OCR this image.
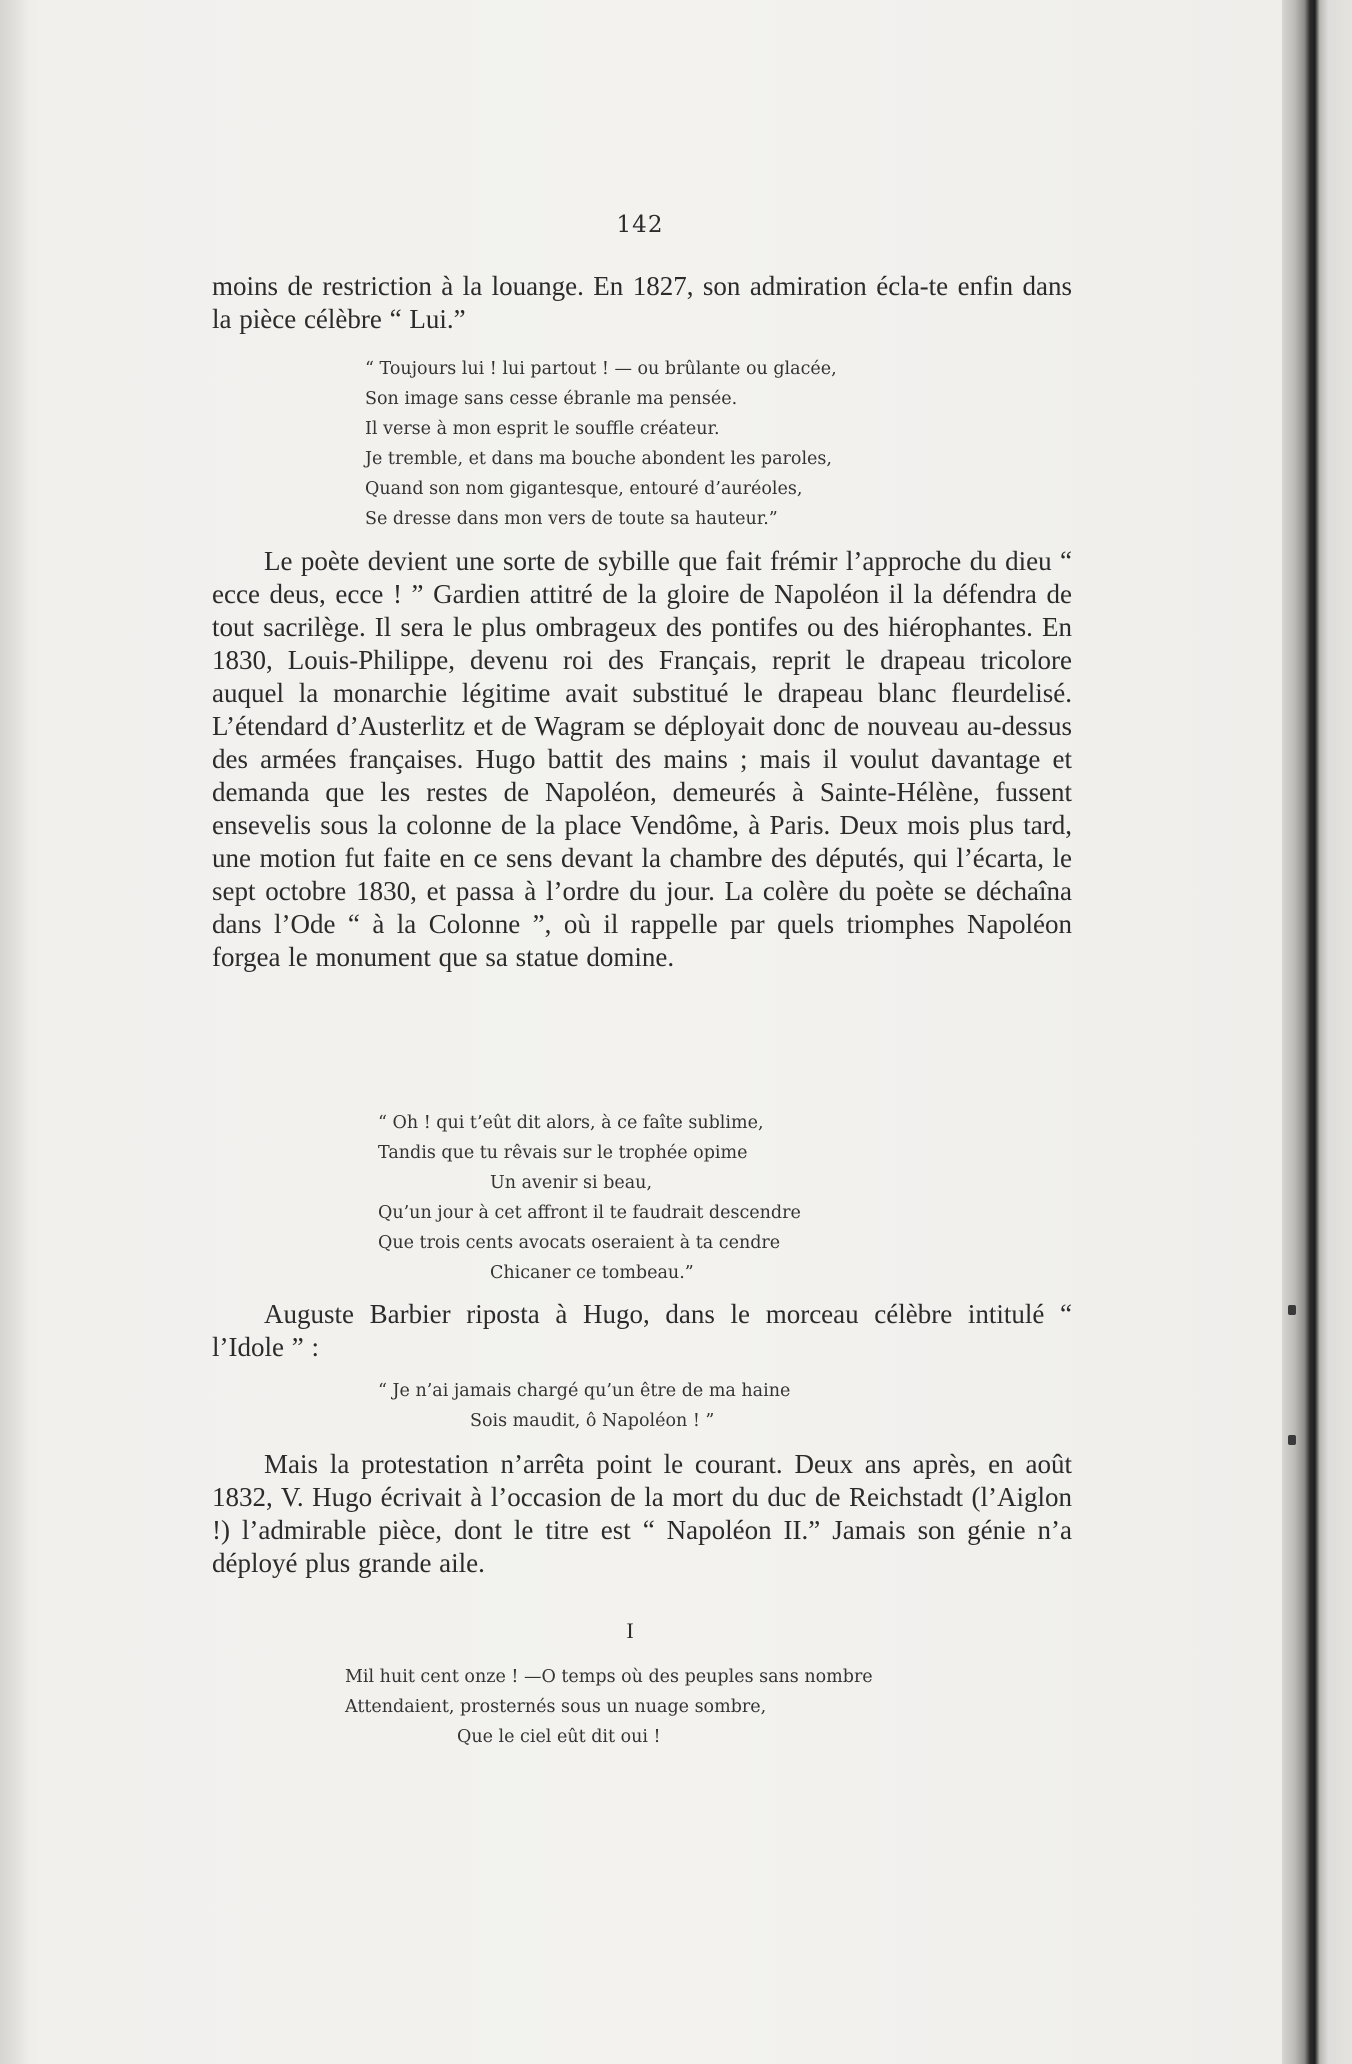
142

moins de restriction à la louange. En 1827, son admiration écla-te enfin dans la pièce célèbre “ Lui.”

“ Toujours lui ! lui partout ! — ou brûlante ou glacée,
Son image sans cesse ébranle ma pensée.
Il verse à mon esprit le souffle créateur.
Je tremble, et dans ma bouche abondent les paroles,
Quand son nom gigantesque, entouré d’auréoles,
Se dresse dans mon vers de toute sa hauteur.”

Le poète devient une sorte de sybille que fait frémir l’approche du dieu “ ecce deus, ecce ! ” Gardien attitré de la gloire de Napoléon il la défendra de tout sacrilège. Il sera le plus ombrageux des pontifes ou des hiérophantes. En 1830, Louis-Philippe, devenu roi des Français, reprit le drapeau tricolore auquel la monarchie légitime avait substitué le drapeau blanc fleurdelisé. L’étendard d’Austerlitz et de Wagram se déployait donc de nouveau au-dessus des armées françaises. Hugo battit des mains ; mais il voulut davantage et demanda que les restes de Napoléon, demeurés à Sainte-Hélène, fussent ensevelis sous la colonne de la place Vendôme, à Paris. Deux mois plus tard, une motion fut faite en ce sens devant la chambre des députés, qui l’écarta, le sept octobre 1830, et passa à l’ordre du jour. La colère du poète se déchaîna dans l’Ode “ à la Colonne ”, où il rappelle par quels triomphes Napoléon forgea le monument que sa statue domine.

“ Oh ! qui t’eût dit alors, à ce faîte sublime,
Tandis que tu rêvais sur le trophée opime
Un avenir si beau,
Qu’un jour à cet affront il te faudrait descendre
Que trois cents avocats oseraient à ta cendre
Chicaner ce tombeau.”

Auguste Barbier riposta à Hugo, dans le morceau célèbre intitulé “ l’Idole ” :

“ Je n’ai jamais chargé qu’un être de ma haine
Sois maudit, ô Napoléon ! ”

Mais la protestation n’arrêta point le courant. Deux ans après, en août 1832, V. Hugo écrivait à l’occasion de la mort du duc de Reichstadt (l’Aiglon !) l’admirable pièce, dont le titre est “ Napoléon II.” Jamais son génie n’a déployé plus grande aile.

I
Mil huit cent onze ! —O temps où des peuples sans nombre
Attendaient, prosternés sous un nuage sombre,
Que le ciel eût dit oui !
